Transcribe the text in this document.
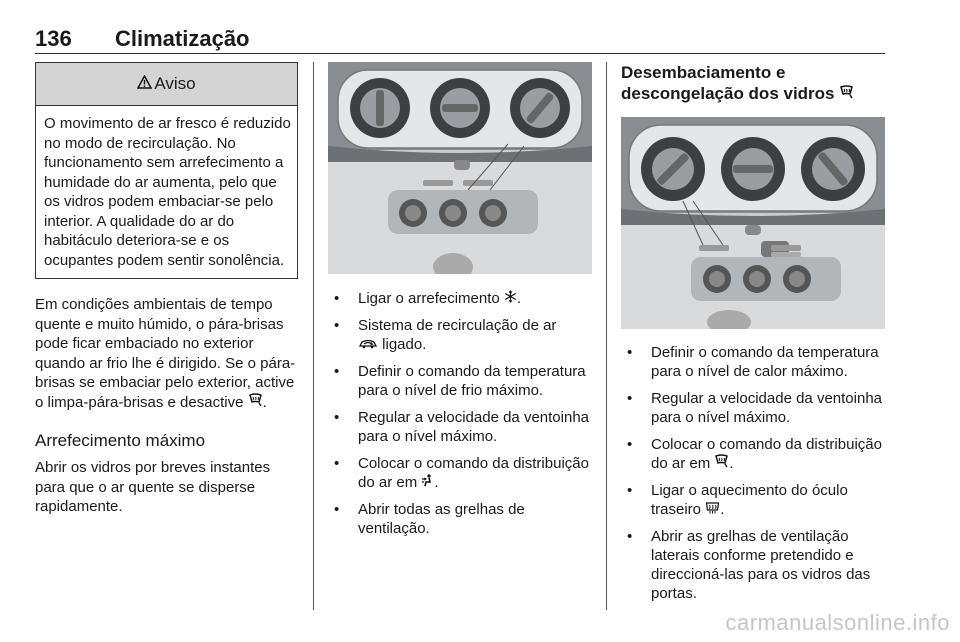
136 Climatização
Aviso
O movimento de ar fresco é reduzido no modo de recirculação. No funcionamento sem arrefecimento a humidade do ar aumenta, pelo que os vidros podem embaciar-se pelo interior. A qualidade do ar do habitáculo deteriora-se e os ocupantes podem sentir sonolência.

Em condições ambientais de tempo quente e muito húmido, o pára-brisas pode ficar embaciado no exterior quando ar frio lhe é dirigido. Se o pára-brisas se embaciar pelo exterior, active o limpa-pára-brisas e desactive .

Arrefecimento máximo

Abrir os vidros por breves instantes para que o ar quente se disperse rapidamente.

• Ligar o arrefecimento .
• Sistema de recirculação de ar
ligado.
• Definir o comando da temperatura para o nível de frio máximo.
• Regular a velocidade da ventoinha para o nível máximo.
• Colocar o comando da distribuição do ar em .
• Abrir todas as grelhas de ventilação.
Desembaciamento e
descongelação dos vidros
• Definir o comando da temperatura para o nível de calor máximo.
• Regular a velocidade da ventoinha para o nível máximo.
• Colocar o comando da distribuição do ar em .
• Ligar o aquecimento do óculo traseiro .
• Abrir as grelhas de ventilação laterais conforme pretendido e direccioná-las para os vidros das portas.
carmanualsonline.info
